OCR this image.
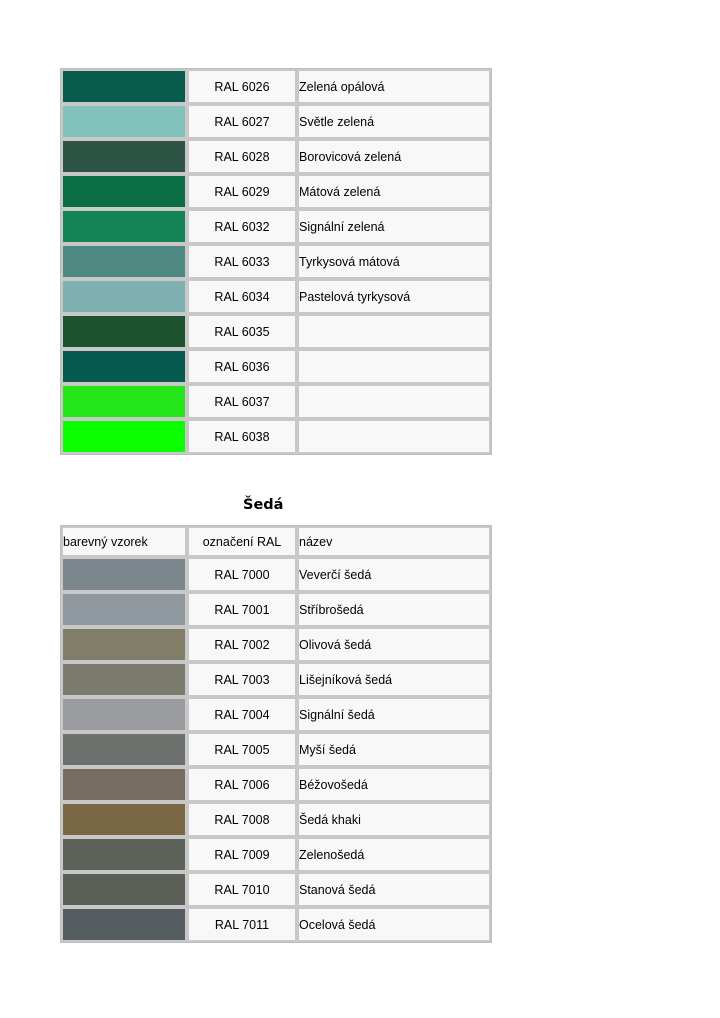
	RAL 6026	Zelená opálová

	RAL 6027	Světle zelená

	RAL 6028	Borovicová zelená

	RAL 6029	Mátová zelená

	RAL 6032	Signální zelená

	RAL 6033	Tyrkysová mátová

	RAL 6034	Pastelová tyrkysová

	RAL 6035	

	RAL 6036	

	RAL 6037	

	RAL 6038	
Šedá
barevný vzorek	označení RAL	název

	RAL 7000	Veverčí šedá

	RAL 7001	Stříbrošedá

	RAL 7002	Olivová šedá

	RAL 7003	Lišejníková šedá

	RAL 7004	Signální šedá

	RAL 7005	Myší šedá

	RAL 7006	Béžovošedá

	RAL 7008	Šedá khaki

	RAL 7009	Zelenošedá

	RAL 7010	Stanová šedá

	RAL 7011	Ocelová šedá
